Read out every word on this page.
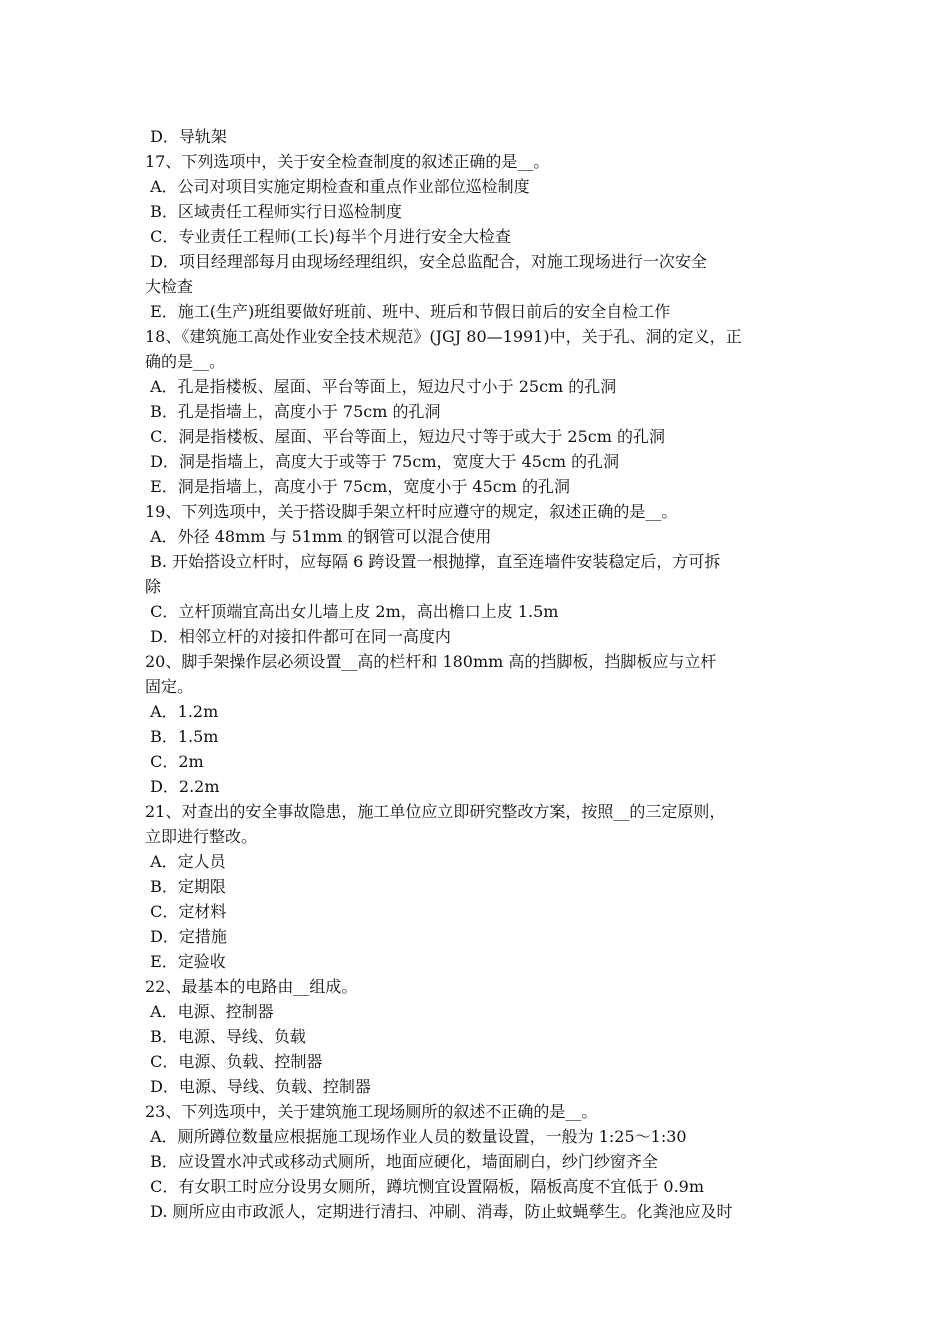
D．导轨架
17、下列选项中，关于安全检查制度的叙述正确的是__。
A．公司对项目实施定期检查和重点作业部位巡检制度
B．区域责任工程师实行日巡检制度
C．专业责任工程师(工长)每半个月进行安全大检查
D．项目经理部每月由现场经理组织，安全总监配合，对施工现场进行一次安全
大检查
E．施工(生产)班组要做好班前、班中、班后和节假日前后的安全自检工作
18、《建筑施工高处作业安全技术规范》(JGJ 80—1991)中，关于孔、洞的定义，正
确的是__。
A．孔是指楼板、屋面、平台等面上，短边尺寸小于 25cm 的孔洞
B．孔是指墙上，高度小于 75cm 的孔洞
C．洞是指楼板、屋面、平台等面上，短边尺寸等于或大于 25cm 的孔洞
D．洞是指墙上，高度大于或等于 75cm，宽度大于 45cm 的孔洞
E．洞是指墙上，高度小于 75cm，宽度小于 45cm 的孔洞
19、下列选项中，关于搭设脚手架立杆时应遵守的规定，叙述正确的是__。
A．外径 48mm 与 51mm 的钢管可以混合使用
B. 开始搭设立杆时，应每隔 6 跨设置一根抛撑，直至连墙件安装稳定后，方可拆
除
C．立杆顶端宜高出女儿墙上皮 2m，高出檐口上皮 1.5m
D．相邻立杆的对接扣件都可在同一高度内
20、脚手架操作层必须设置__高的栏杆和 180mm 高的挡脚板，挡脚板应与立杆
固定。
A．1.2m
B．1.5m
C．2m
D．2.2m
21、对查出的安全事故隐患，施工单位应立即研究整改方案，按照__的三定原则，
立即进行整改。
A．定人员
B．定期限
C．定材料
D．定措施
E．定验收
22、最基本的电路由__组成。
A．电源、控制器
B．电源、导线、负载
C．电源、负载、控制器
D．电源、导线、负载、控制器
23、下列选项中，关于建筑施工现场厕所的叙述不正确的是__。
A．厕所蹲位数量应根据施工现场作业人员的数量设置，一般为 1:25～1:30
B．应设置水冲式或移动式厕所，地面应硬化，墙面刷白，纱门纱窗齐全
C．有女职工时应分设男女厕所，蹲坑恻宜设置隔板，隔板高度不宜低于 0.9m
D. 厕所应由市政派人，定期进行清扫、冲刷、消毒，防止蚊蝇孳生。化粪池应及时
